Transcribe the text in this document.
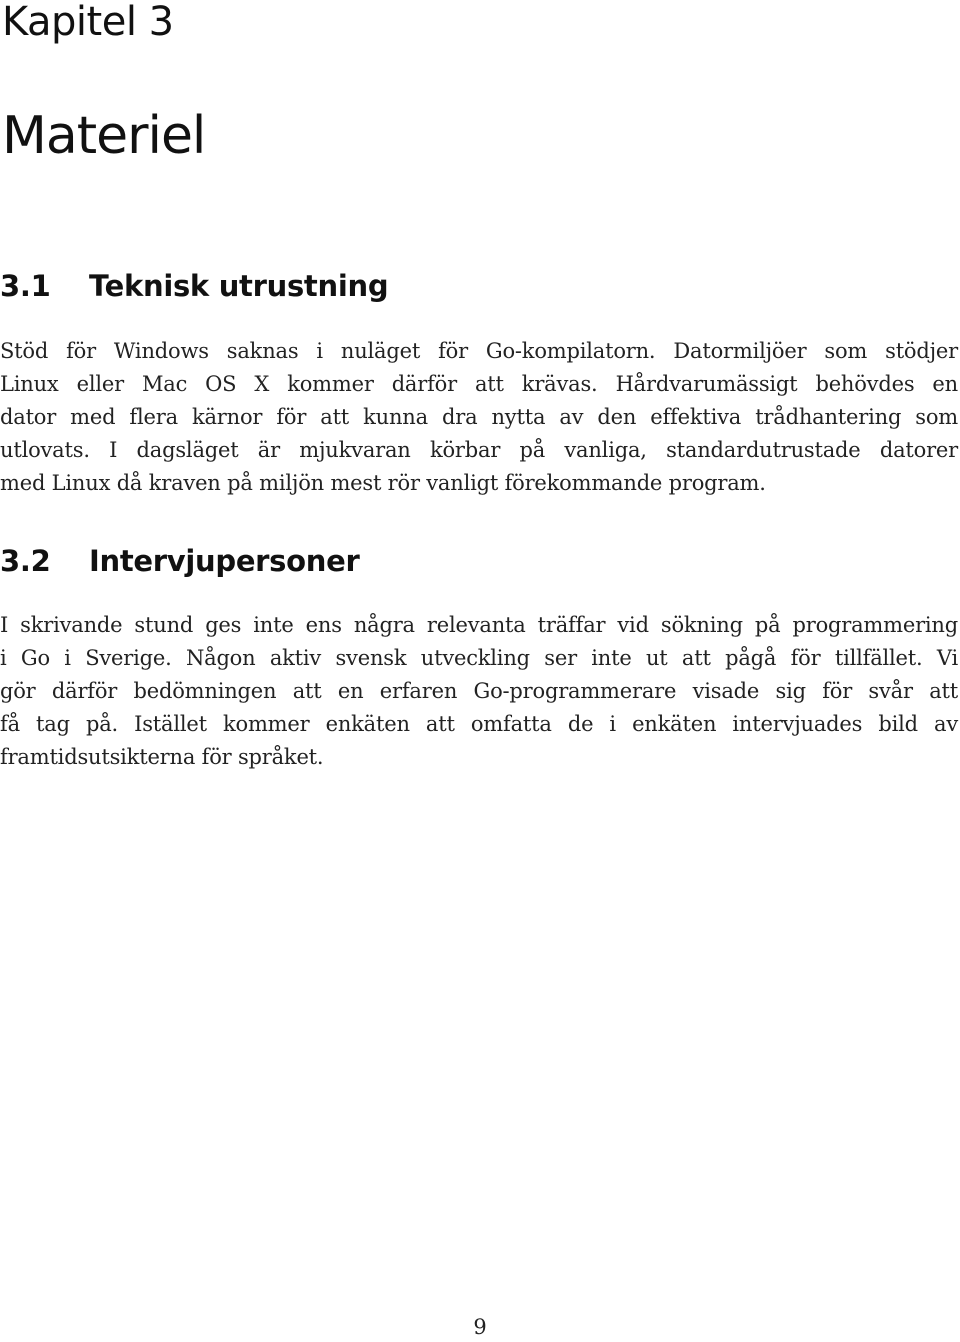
Kapitel 3
Materiel
3.1 Teknisk utrustning

Stöd för Windows saknas i nuläget för Go-kompilatorn. Datormiljöer som stödjer
Linux eller Mac OS X kommer därför att krävas. Hårdvarumässigt behövdes en
dator med flera kärnor för att kunna dra nytta av den effektiva trådhantering som
utlovats. I dagsläget är mjukvaran körbar på vanliga, standardutrustade datorer
med Linux då kraven på miljön mest rör vanligt förekommande program.

3.2 Intervjupersoner

I skrivande stund ges inte ens några relevanta träffar vid sökning på programmering
i Go i Sverige. Någon aktiv svensk utveckling ser inte ut att pågå för tillfället. Vi
gör därför bedömningen att en erfaren Go-programmerare visade sig för svår att
få tag på. Istället kommer enkäten att omfatta de i enkäten intervjuades bild av
framtidsutsikterna för språket.

9
